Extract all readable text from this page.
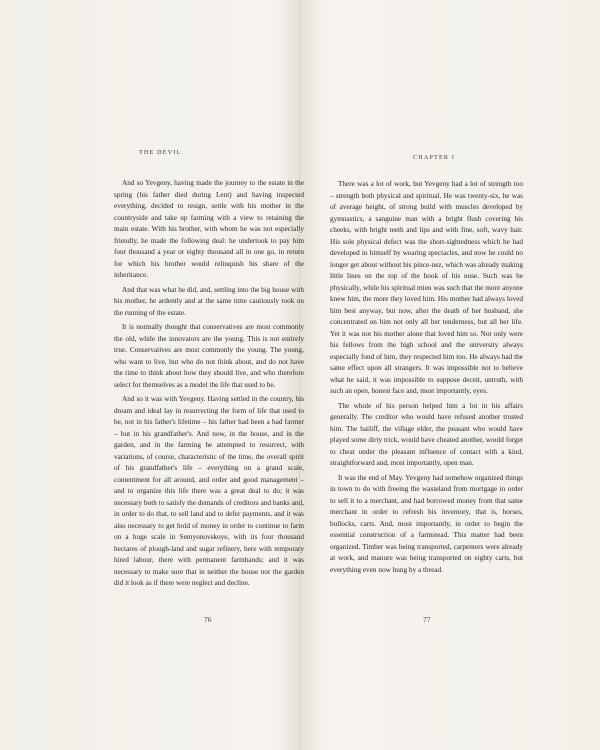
THE DEVIL

And so Yevgeny, having made the journey to the estate in the spring (his father died during Lent) and having inspected everything, decided to resign, settle with his mother in the countryside and take up farming with a view to retaining the main estate. With his brother, with whom he was not especially friendly, he made the following deal: he undertook to pay him four thousand a year or eighty thousand all in one go, in return for which his brother would relinquish his share of the inheritance.

And that was what he did, and, settling into the big house with his mother, he ardently and at the same time cautiously took on the running of the estate.

It is normally thought that conservatives are most commonly the old, while the innovators are the young. This is not entirely true. Conservatives are most commonly the young. The young, who want to live, but who do not think about, and do not have the time to think about how they should live, and who therefore select for themselves as a model the life that used to be.

And so it was with Yevgeny. Having settled in the country, his dream and ideal lay in resurrecting the form of life that used to be, not in his father's lifetime – his father had been a bad farmer – but in his grandfather's. And now, in the house, and in the garden, and in the farming he attempted to resurrect, with variations, of course, characteristic of the time, the overall spirit of his grandfather's life – everything on a grand scale, contentment for all around, and order and good management – and to organize this life there was a great deal to do; it was necessary both to satisfy the demands of creditors and banks and, in order to do that, to sell land and to defer payments, and it was also necessary to get hold of money in order to continue to farm on a huge scale in Semyonovskoye, with its four thousand hectares of plough-land and sugar refinery, here with temporary hired labour, there with permanent farmhands; and it was necessary to make sure that in neither the house nor the garden did it look as if there were neglect and decline.

76
CHAPTER I

There was a lot of work, but Yevgeny had a lot of strength too – strength both physical and spiritual. He was twenty-six, he was of average height, of strong build with muscles developed by gymnastics, a sanguine man with a bright flush covering his cheeks, with bright teeth and lips and with fine, soft, wavy hair. His sole physical defect was the short-sightedness which he had developed in himself by wearing spectacles, and now he could no longer get about without his pince-nez, which was already making little lines on the top of the hook of his nose. Such was he physically, while his spiritual mien was such that the more anyone knew him, the more they loved him. His mother had always loved him best anyway, but now, after the death of her husband, she concentrated on him not only all her tenderness, but all her life. Yet it was not his mother alone that loved him so. Not only were his fellows from the high school and the university always especially fond of him, they respected him too. He always had the same effect upon all strangers. It was impossible not to believe what he said, it was impossible to suppose deceit, untruth, with such an open, honest face and, most importantly, eyes.

The whole of his person helped him a lot in his affairs generally. The creditor who would have refused another trusted him. The bailiff, the village elder, the peasant who would have played some dirty trick, would have cheated another, would forget to cheat under the pleasant influence of contact with a kind, straightforward and, most importantly, open man.

It was the end of May. Yevgeny had somehow organized things in town to do with freeing the wasteland from mortgage in order to sell it to a merchant, and had borrowed money from that same merchant in order to refresh his inventory, that is, horses, bullocks, carts. And, most importantly, in order to begin the essential construction of a farmstead. This matter had been organized. Timber was being transported, carpenters were already at work, and manure was being transported on eighty carts, but everything even now hung by a thread.

77
